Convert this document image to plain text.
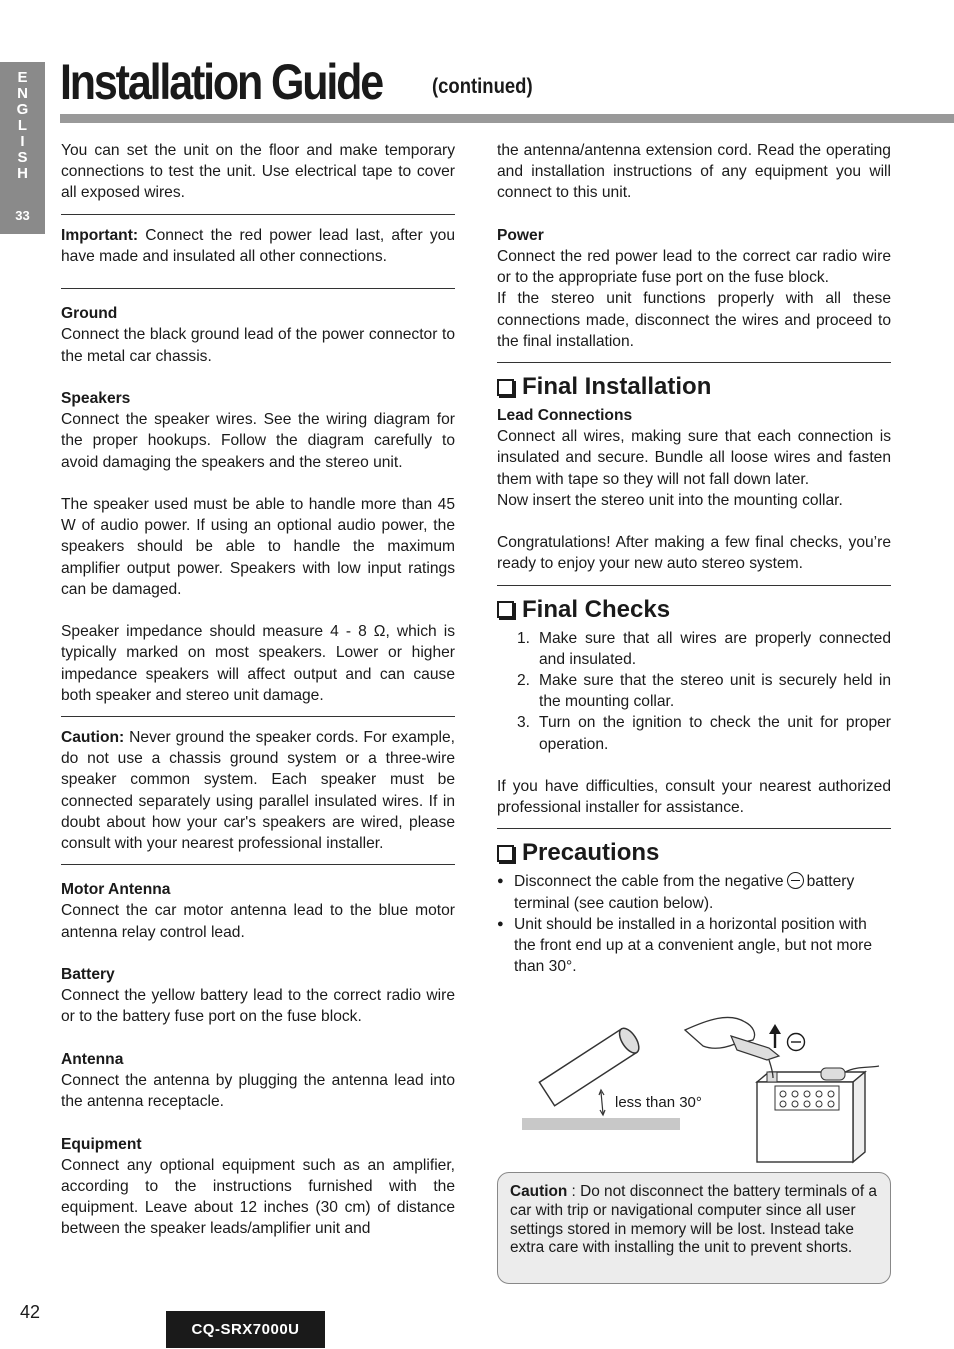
E
N
G
L
I
S
H
33
Installation Guide (continued)

You can set the unit on the floor and make temporary connections to test the unit. Use electrical tape to cover all exposed wires.

Important: Connect the red power lead last, after you have made and insulated all other connections.

Ground

Connect the black ground lead of the power connector to the metal car chassis.

Speakers

Connect the speaker wires. See the wiring diagram for the proper hookups. Follow the diagram carefully to avoid damaging the speakers and the stereo unit.

The speaker used must be able to handle more than 45 W of audio power. If using an optional audio power, the speakers should be able to handle the maximum amplifier output power. Speakers with low input ratings can be damaged.

Speaker impedance should measure 4 - 8 Ω, which is typically marked on most speakers. Lower or higher impedance speakers will affect output and can cause both speaker and stereo unit damage.

Caution: Never ground the speaker cords. For example, do not use a chassis ground system or a three-wire speaker common system. Each speaker must be connected separately using parallel insulated wires. If in doubt about how your car's speakers are wired, please consult with your nearest professional installer.

Motor Antenna

Connect the car motor antenna lead to the blue motor antenna relay control lead.

Battery

Connect the yellow battery lead to the correct radio wire or to the battery fuse port on the fuse block.

Antenna

Connect the antenna by plugging the antenna lead into the antenna receptacle.

Equipment

Connect any optional equipment such as an amplifier, according to the instructions furnished with the equipment. Leave about 12 inches (30 cm) of distance between the speaker leads/amplifier unit and

the antenna/antenna extension cord. Read the operating and installation instructions of any equipment you will connect to this unit.

Power

Connect the red power lead to the correct car radio wire or to the appropriate fuse port on the fuse block.

If the stereo unit functions properly with all these connections made, disconnect the wires and proceed to the final installation.

Final Installation
Lead Connections

Connect all wires, making sure that each connection is insulated and secure. Bundle all loose wires and fasten them with tape so they will not fall down later.

Now insert the stereo unit into the mounting collar.

Congratulations! After making a few final checks, you’re ready to enjoy your new auto stereo system.

Final Checks
1. Make sure that all wires are properly connected and insulated.
2. Make sure that the stereo unit is securely held in the mounting collar.
3. Turn on the ignition to check the unit for proper operation.

If you have difficulties, consult your nearest authorized professional installer for assistance.

Precautions
● Disconnect the cable from the negative battery terminal (see caution below).
● Unit should be installed in a horizontal position with the front end up at a convenient angle, but not more than 30°.
less than 30°
Caution : Do not disconnect the battery terminals of a car with trip or navigational computer since all user settings stored in memory will be lost. Instead take extra care with installing the unit to prevent shorts.
42
CQ-SRX7000U
